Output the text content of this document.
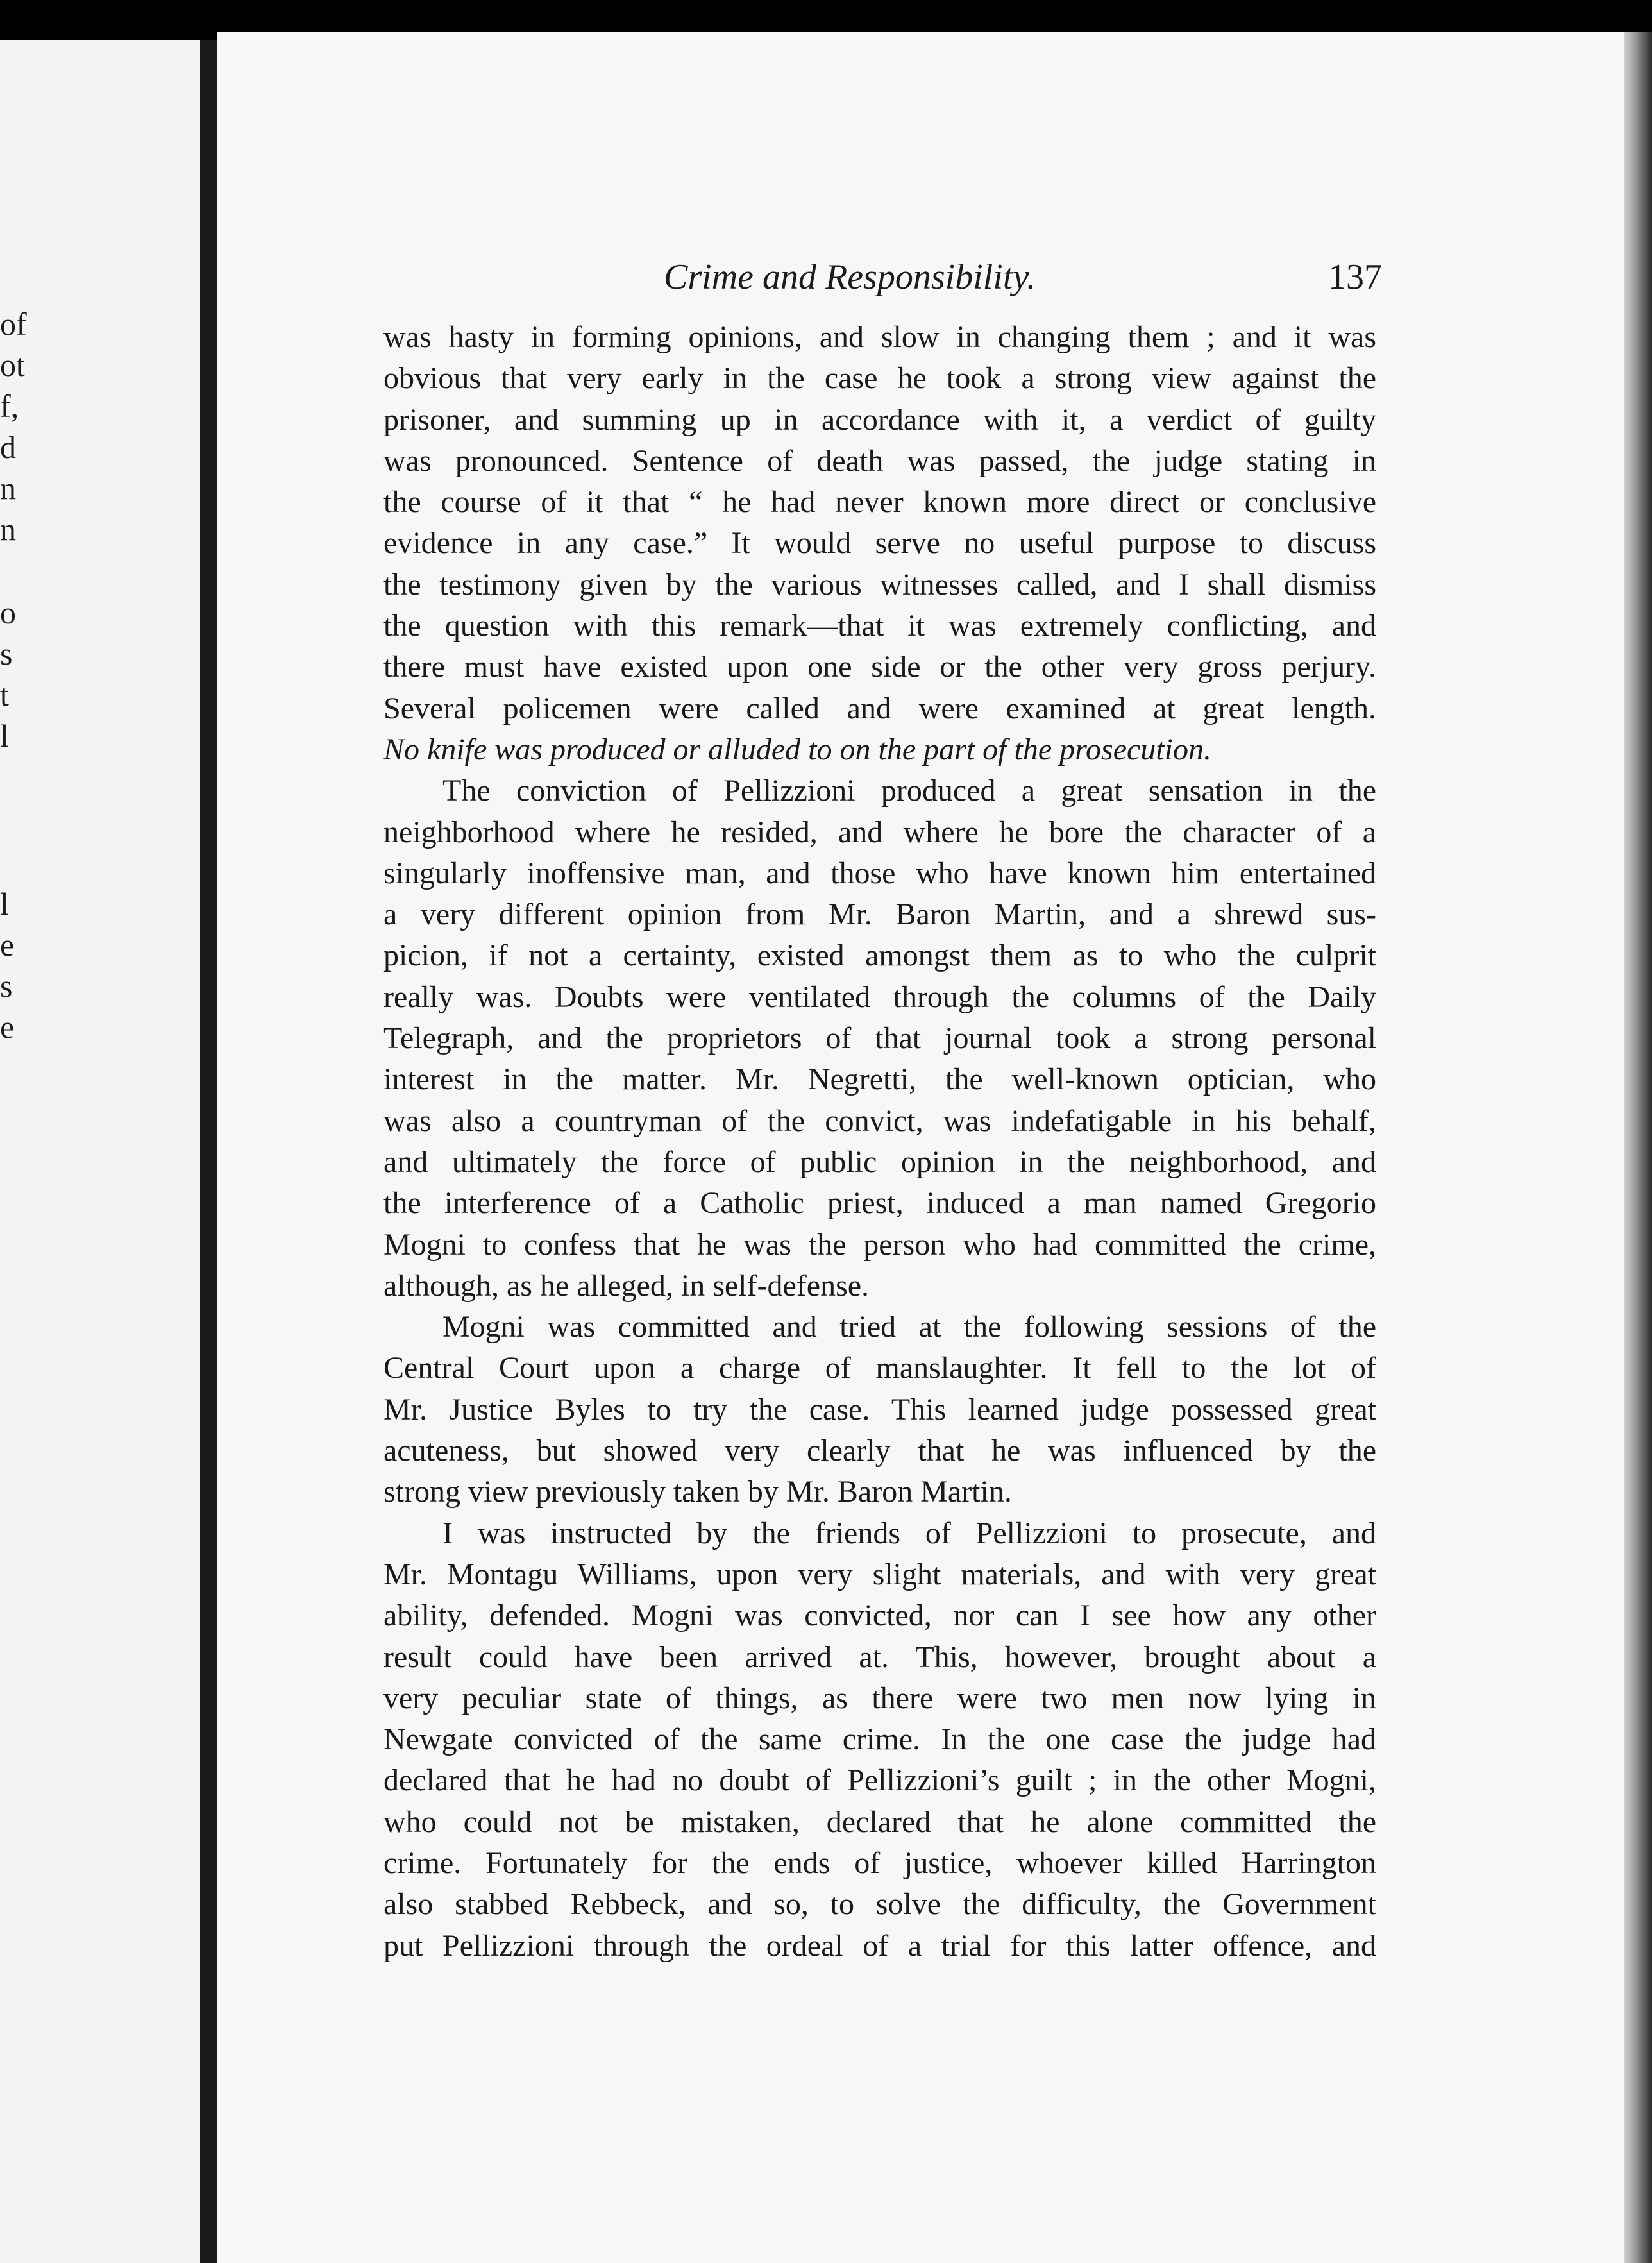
of
ot
f,
d
n
n
o
s
t
l
l
e
s
e
Crime and Responsibility.	137
was hasty in forming opinions, and slow in changing them ; and it was
obvious that very early in the case he took a strong view against the
prisoner, and summing up in accordance with it, a verdict of guilty
was pronounced. Sentence of death was passed, the judge stating in
the course of it that “ he had never known more direct or conclusive
evidence in any case.” It would serve no useful purpose to discuss
the testimony given by the various witnesses called, and I shall dismiss
the question with this remark—that it was extremely conflicting, and
there must have existed upon one side or the other very gross perjury.
Several policemen were called and were examined at great length.
No knife was produced or alluded to on the part of the prosecution.
The conviction of Pellizzioni produced a great sensation in the
neighborhood where he resided, and where he bore the character of a
singularly inoffensive man, and those who have known him entertained
a very different opinion from Mr. Baron Martin, and a shrewd sus-
picion, if not a certainty, existed amongst them as to who the culprit
really was. Doubts were ventilated through the columns of the Daily
Telegraph, and the proprietors of that journal took a strong personal
interest in the matter. Mr. Negretti, the well-known optician, who
was also a countryman of the convict, was indefatigable in his behalf,
and ultimately the force of public opinion in the neighborhood, and
the interference of a Catholic priest, induced a man named Gregorio
Mogni to confess that he was the person who had committed the crime,
although, as he alleged, in self-defense.
Mogni was committed and tried at the following sessions of the
Central Court upon a charge of manslaughter. It fell to the lot of
Mr. Justice Byles to try the case. This learned judge possessed great
acuteness, but showed very clearly that he was influenced by the
strong view previously taken by Mr. Baron Martin.
I was instructed by the friends of Pellizzioni to prosecute, and
Mr. Montagu Williams, upon very slight materials, and with very great
ability, defended. Mogni was convicted, nor can I see how any other
result could have been arrived at. This, however, brought about a
very peculiar state of things, as there were two men now lying in
Newgate convicted of the same crime. In the one case the judge had
declared that he had no doubt of Pellizzioni’s guilt ; in the other Mogni,
who could not be mistaken, declared that he alone committed the
crime. Fortunately for the ends of justice, whoever killed Harrington
also stabbed Rebbeck, and so, to solve the difficulty, the Government
put Pellizzioni through the ordeal of a trial for this latter offence, and
